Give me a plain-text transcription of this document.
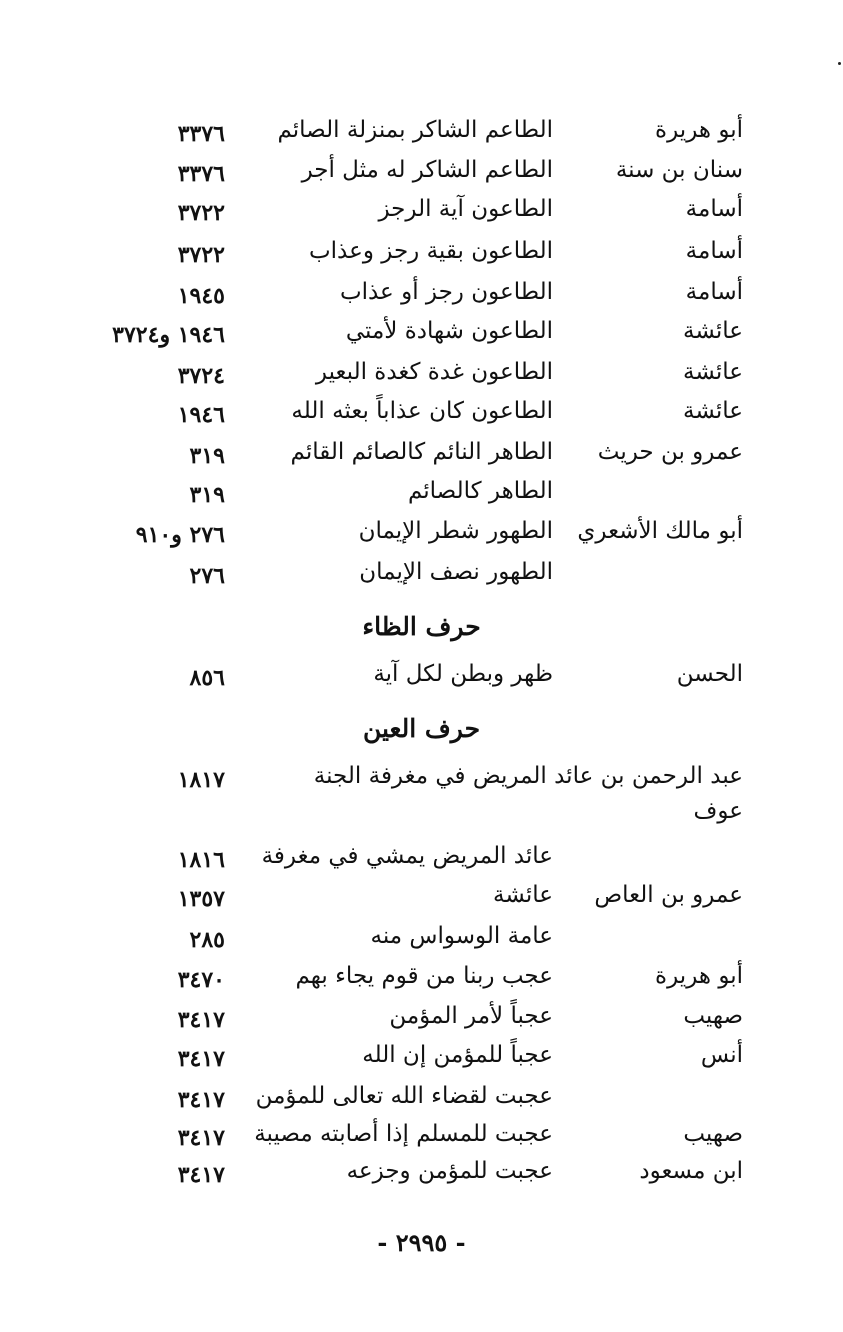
أبو هريرة
الطاعم الشاكر بمنزلة الصائم
٣٣٧٦
سنان بن سنة
الطاعم الشاكر له مثل أجر
٣٣٧٦
أسامة
الطاعون آية الرجز
٣٧٢٢
أسامة
الطاعون بقية رجز وعذاب
٣٧٢٢
أسامة
الطاعون رجز أو عذاب
١٩٤٥
عائشة
الطاعون شهادة لأمتي
١٩٤٦ و٣٧٢٤
عائشة
الطاعون غدة كغدة البعير
٣٧٢٤
عائشة
الطاعون كان عذاباً بعثه الله
١٩٤٦
عمرو بن حريث
الطاهر النائم كالصائم القائم
٣١٩
الطاهر كالصائم
٣١٩
أبو مالك الأشعري
الطهور شطر الإيمان
٢٧٦ و٩١٠
الطهور نصف الإيمان
٢٧٦
حرف الظاء
الحسن
ظهر وبطن لكل آية
٨٥٦
حرف العين
عبد الرحمن بن عائد المريض في مغرفة الجنة
١٨١٧
عوف
عائد المريض يمشي في مغرفة
١٨١٦
عمرو بن العاص
عائشة
١٣٥٧
عامة الوسواس منه
٢٨٥
أبو هريرة
عجب ربنا من قوم يجاء بهم
٣٤٧٠
صهيب
عجباً لأمر المؤمن
٣٤١٧
أنس
عجباً للمؤمن إن الله
٣٤١٧
عجبت لقضاء الله تعالى للمؤمن
٣٤١٧
صهيب
عجبت للمسلم إذا أصابته مصيبة
٣٤١٧
ابن مسعود
عجبت للمؤمن وجزعه
٣٤١٧
- ٢٩٩٥ -
